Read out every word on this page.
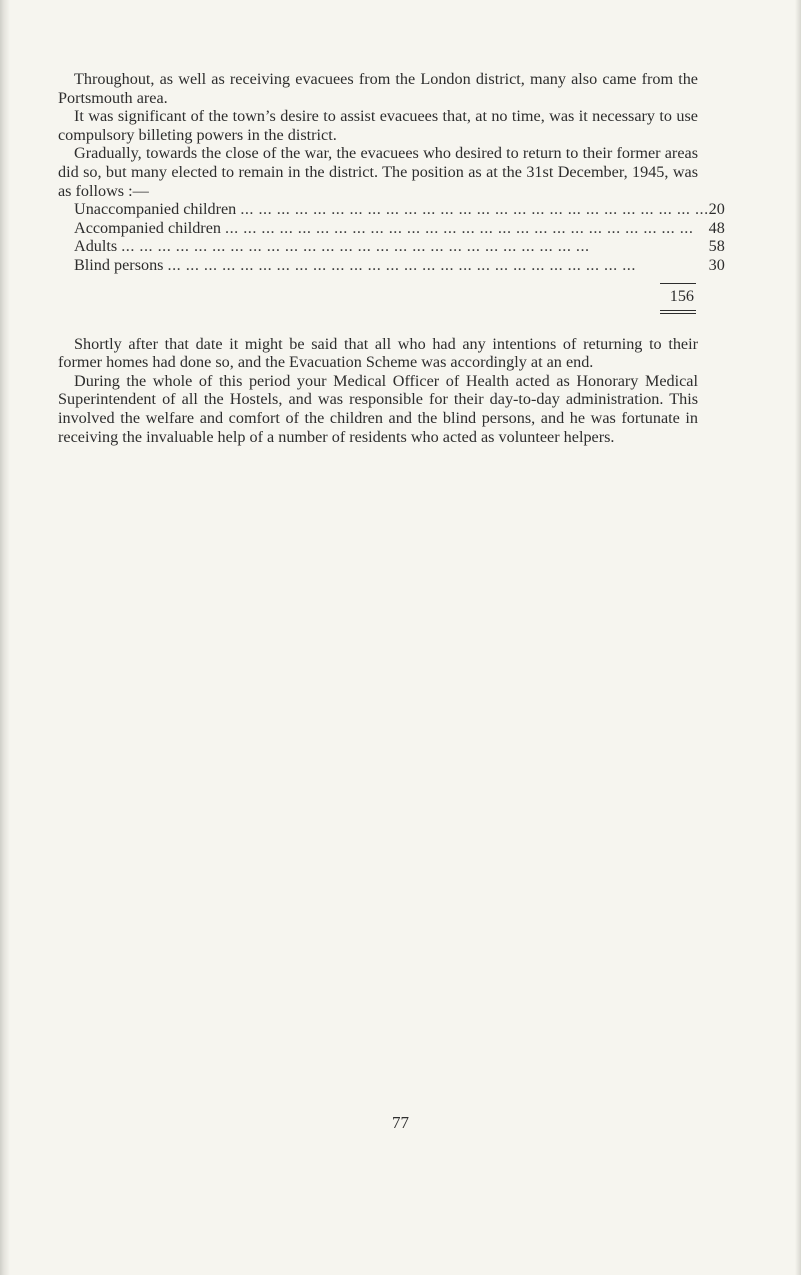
Throughout, as well as receiving evacuees from the London district, many also came from the Portsmouth area.

It was significant of the town’s desire to assist evacuees that, at no time, was it necessary to use compulsory billeting powers in the district.

Gradually, towards the close of the war, the evacuees who desired to return to their former areas did so, but many elected to remain in the district. The position as at the 31st December, 1945, was as follows :—

Unaccompanied children ... ... ... ... ... ... ... ... ... ... ... ... ... ... ... ... ... ... ... ... ... ... ... ... ... ...	20
Accompanied children ... ... ... ... ... ... ... ... ... ... ... ... ... ... ... ... ... ... ... ... ... ... ... ... ... ...	48
Adults ... ... ... ... ... ... ... ... ... ... ... ... ... ... ... ... ... ... ... ... ... ... ... ... ... ...	58
Blind persons ... ... ... ... ... ... ... ... ... ... ... ... ... ... ... ... ... ... ... ... ... ... ... ... ... ...	30
156

Shortly after that date it might be said that all who had any intentions of returning to their former homes had done so, and the Evacuation Scheme was accordingly at an end.

During the whole of this period your Medical Officer of Health acted as Honorary Medical Superintendent of all the Hostels, and was responsible for their day-to-day administration. This involved the welfare and comfort of the children and the blind persons, and he was fortunate in receiving the invaluable help of a number of residents who acted as volunteer helpers.

77
